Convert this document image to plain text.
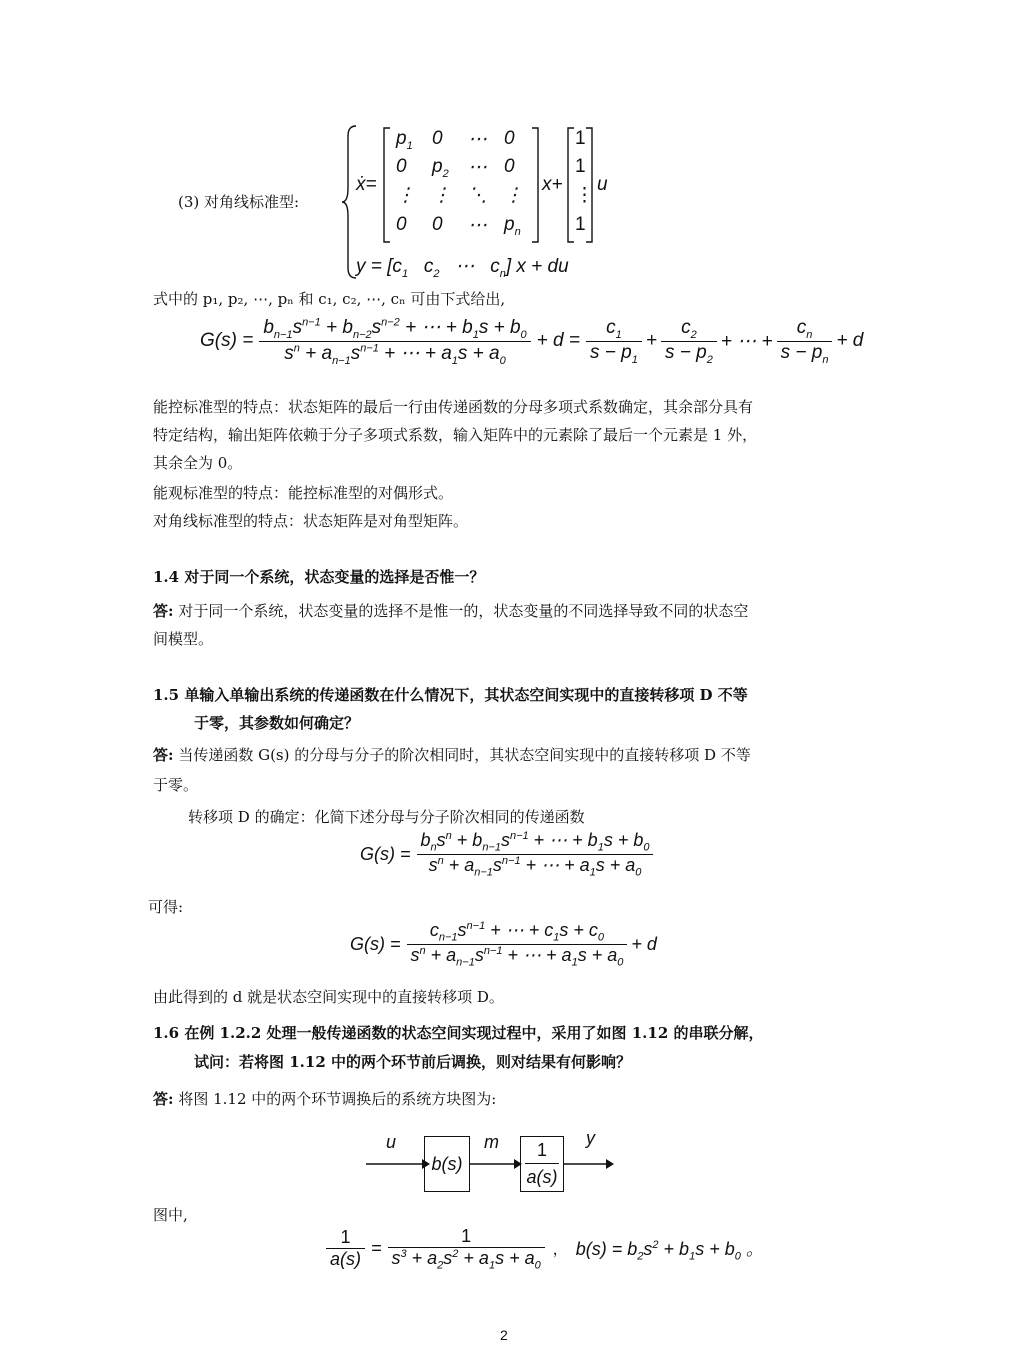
(3) 对角线标准型:
ẋ=
$p_1$	0	⋯ 0
0	$p_2$	⋯ 0
⋮ ⋮ ⋱ ⋮
0	0	⋯ $p_n$
x+
1
1
⋮
1
u
$y = [c_1$   $c_2$ ⋯   $c_n$] x + du
式中的 p₁, p₂, ⋯, pₙ 和 c₁, c₂, ⋯, cₙ 可由下式给出,
$G(s) = \frac{b_{n-1}s^{n-1} + b_{n-2}s^{n-2} + \cdots + b_1s + b_0}{s^n + a_{n-1}s^{n-1} + \cdots + a_1s + a_0} + d = \frac{c_1}{s - p_1} + \frac{c_2}{s - p_2}$ + ⋯ + $\frac{c_n}{s - p_n} + d$
能控标准型的特点：状态矩阵的最后一行由传递函数的分母多项式系数确定，其余部分具有
特定结构，输出矩阵依赖于分子多项式系数，输入矩阵中的元素除了最后一个元素是 1 外，
其余全为 0。
能观标准型的特点：能控标准型的对偶形式。
对角线标准型的特点：状态矩阵是对角型矩阵。
1.4 对于同一个系统，状态变量的选择是否惟一？
答: 对于同一个系统，状态变量的选择不是惟一的，状态变量的不同选择导致不同的状态空
间模型。
1.5 单输入单输出系统的传递函数在什么情况下，其状态空间实现中的直接转移项 D 不等
于零，其参数如何确定？
答: 当传递函数 G(s) 的分母与分子的阶次相同时，其状态空间实现中的直接转移项 D 不等
于零。
转移项 D 的确定：化简下述分母与分子阶次相同的传递函数
$G(s) = \frac{b_ns^n + b_{n-1}s^{n-1} + \cdots + b_1s + b_0}{s^n + a_{n-1}s^{n-1} + \cdots + a_1s + a_0}$
可得:
$G(s) = \frac{c_{n-1}s^{n-1} + \cdots + c_1s + c_0}{s^n + a_{n-1}s^{n-1} + \cdots + a_1s + a_0} + d$
由此得到的 d 就是状态空间实现中的直接转移项 D。
1.6 在例 1.2.2 处理一般传递函数的状态空间实现过程中，采用了如图 1.12 的串联分解，
试问：若将图 1.12 中的两个环节前后调换，则对结果有何影响？
答: 将图 1.12 中的两个环节调换后的系统方块图为:
u
b(s)
m	1
a(s)
y
图中,
$\frac{1}{a(s)} = \frac{1}{s^3 + a_2s^2 + a_1s + a_0}$ ， $b(s) = b_2s^2 + b_1s + b_0$ 。
2
